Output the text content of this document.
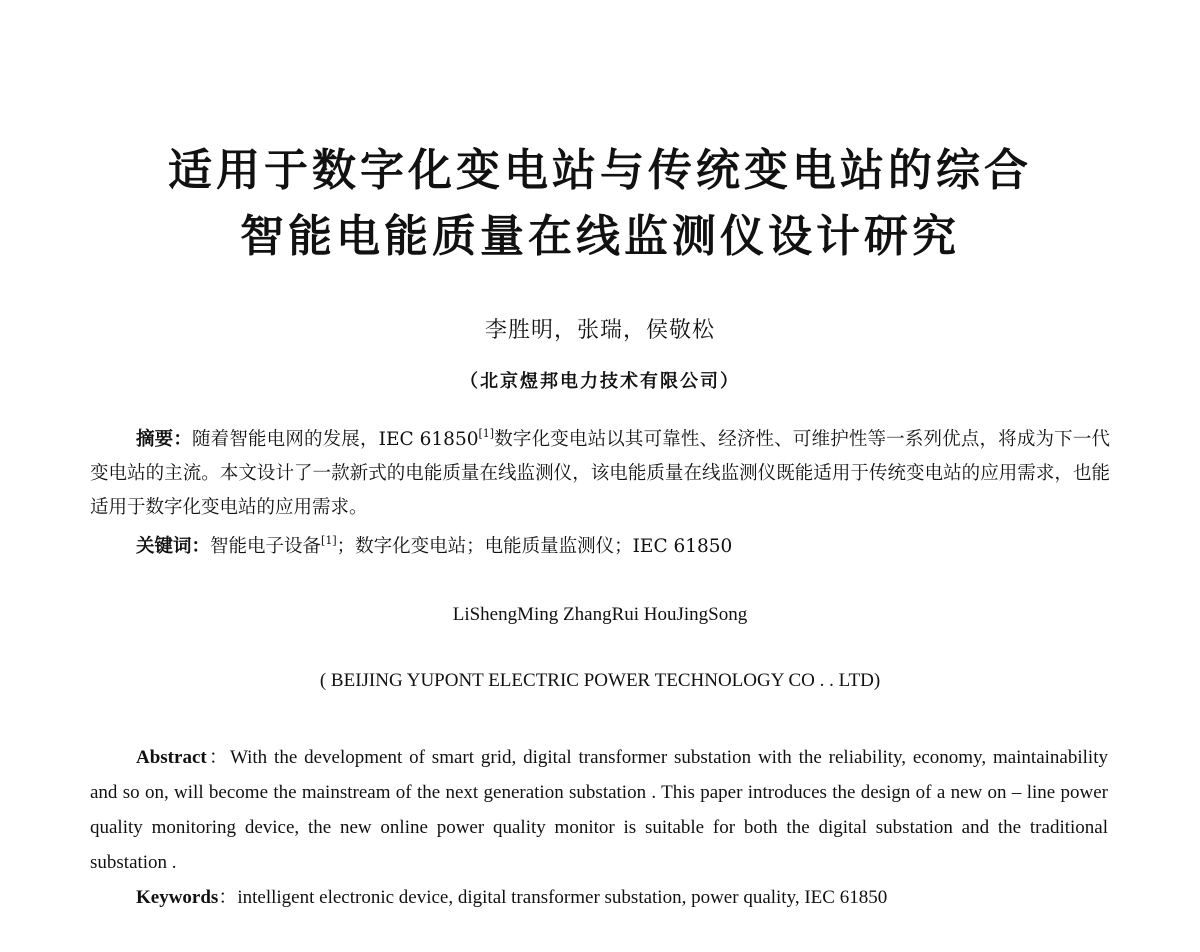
适用于数字化变电站与传统变电站的综合
智能电能质量在线监测仪设计研究
李胜明，张瑞，侯敬松
（北京煜邦电力技术有限公司）

摘要：随着智能电网的发展，IEC 61850[1]数字化变电站以其可靠性、经济性、可维护性等一系列优点，将成为下一代变电站的主流。本文设计了一款新式的电能质量在线监测仪，该电能质量在线监测仪既能适用于传统变电站的应用需求，也能适用于数字化变电站的应用需求。

关键词：智能电子设备[1]；数字化变电站；电能质量监测仪；IEC 61850

LiShengMing ZhangRui HouJingSong
( BEIJING YUPONT ELECTRIC POWER TECHNOLOGY CO . . LTD)

Abstract：With the development of smart grid, digital transformer substation with the reliability, economy, maintainability and so on, will become the mainstream of the next generation substation . This paper introduces the design of a new on – line power quality monitoring device, the new online power quality monitor is suitable for both the digital substation and the traditional substation .

Keywords：intelligent electronic device, digital transformer substation, power quality, IEC 61850
